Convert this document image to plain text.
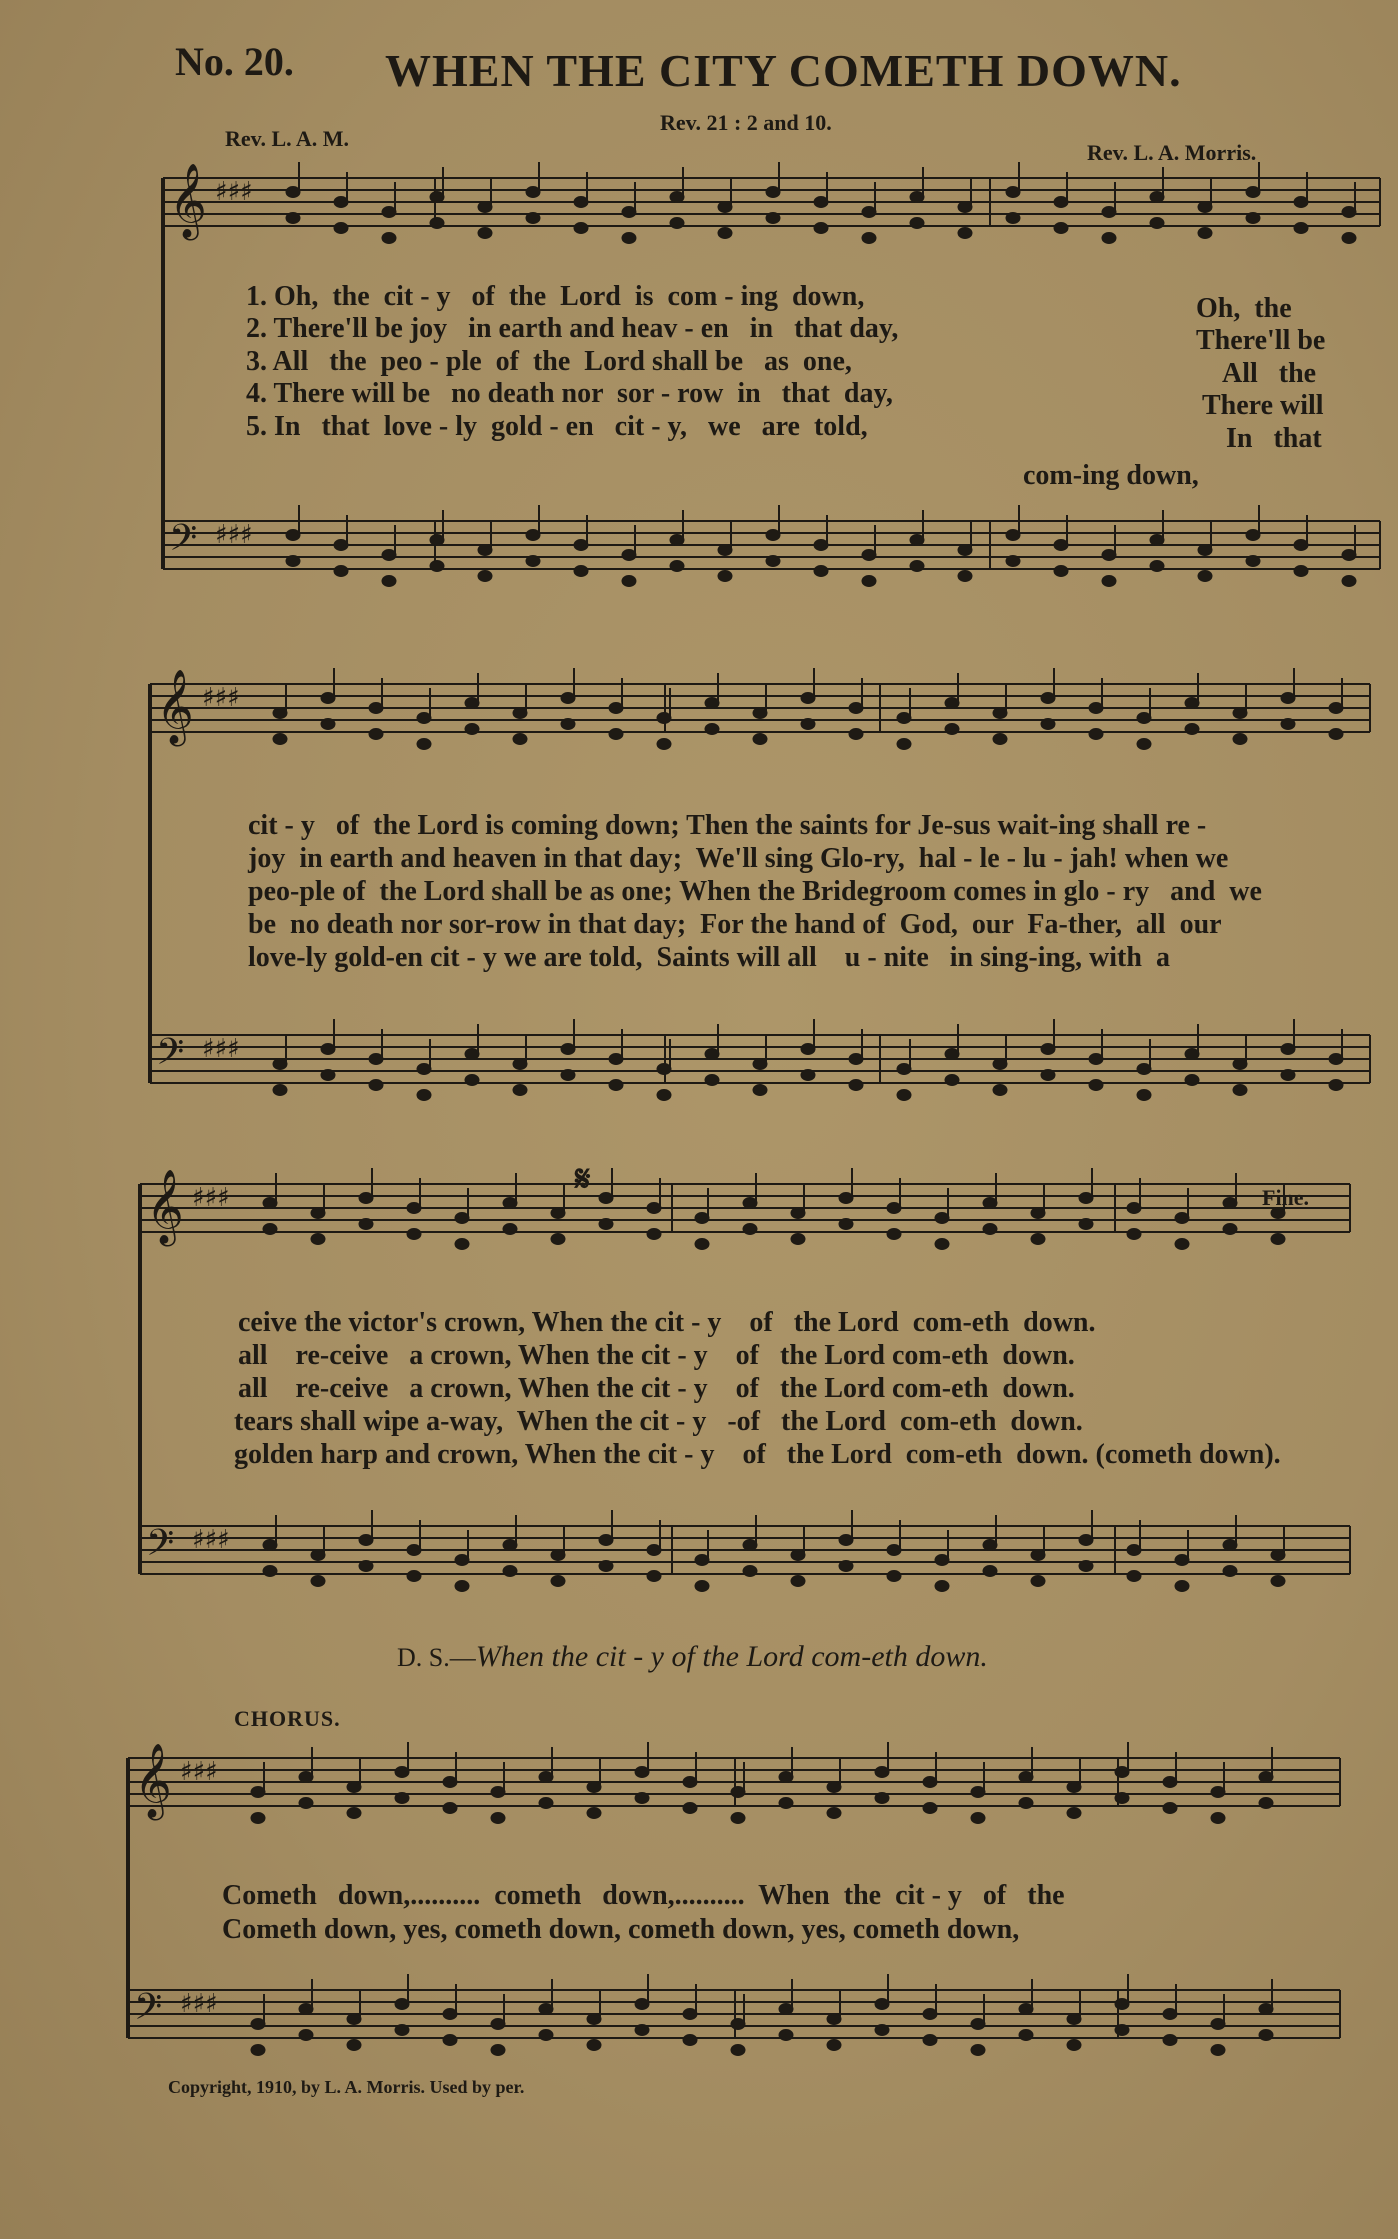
𝄞 ♯♯♯
𝄢 ♯♯♯
𝄞 ♯♯♯
𝄢 ♯♯♯
𝄞 ♯♯♯
𝄢 ♯♯♯
𝄞 ♯♯♯
𝄢 ♯♯♯
No. 20. WHEN THE CITY COMETH DOWN.
Rev. 21 : 2 and 10.
Rev. L. A. M.
Rev. L. A. Morris.
1. Oh,  the  cit - y   of  the  Lord  is  com - ing  down,
2. There'll be joy   in earth and heav - en   in   that day,
3. All   the  peo - ple  of  the  Lord shall be   as  one,
4. There will be   no death nor  sor - row  in   that  day,
5. In   that  love - ly  gold - en   cit - y,   we   are  told,
Oh,  the
There'll be
All   the
There will
In   that
com-ing down,
cit - y   of  the Lord is coming down; Then the saints for Je-sus wait-ing shall re -
joy  in earth and heaven in that day;  We'll sing Glo-ry,  hal - le - lu - jah! when we
peo-ple of  the Lord shall be as one; When the Bridegroom comes in glo - ry   and  we
be  no death nor sor-row in that day;  For the hand of  God,  our  Fa-ther,  all  our
love-ly gold-en cit - y we are told,  Saints will all    u - nite   in sing-ing, with  a
𝄋	Fine.
ceive the victor's crown, When the cit - y    of   the Lord  com-eth  down.
all    re-ceive   a crown, When the cit - y    of   the Lord com-eth  down.
all    re-ceive   a crown, When the cit - y    of   the Lord com-eth  down.
tears shall wipe a-way,  When the cit - y   -of   the Lord  com-eth  down.
golden harp and crown, When the cit - y    of   the Lord  com-eth  down. (cometh down).
D. S.—When the cit - y of the Lord com-eth down.
CHORUS.
Cometh   down,..........  cometh   down,..........  When  the  cit - y   of   the
Cometh down, yes, cometh down, cometh down, yes, cometh down,
Copyright, 1910, by L. A. Morris. Used by per.
